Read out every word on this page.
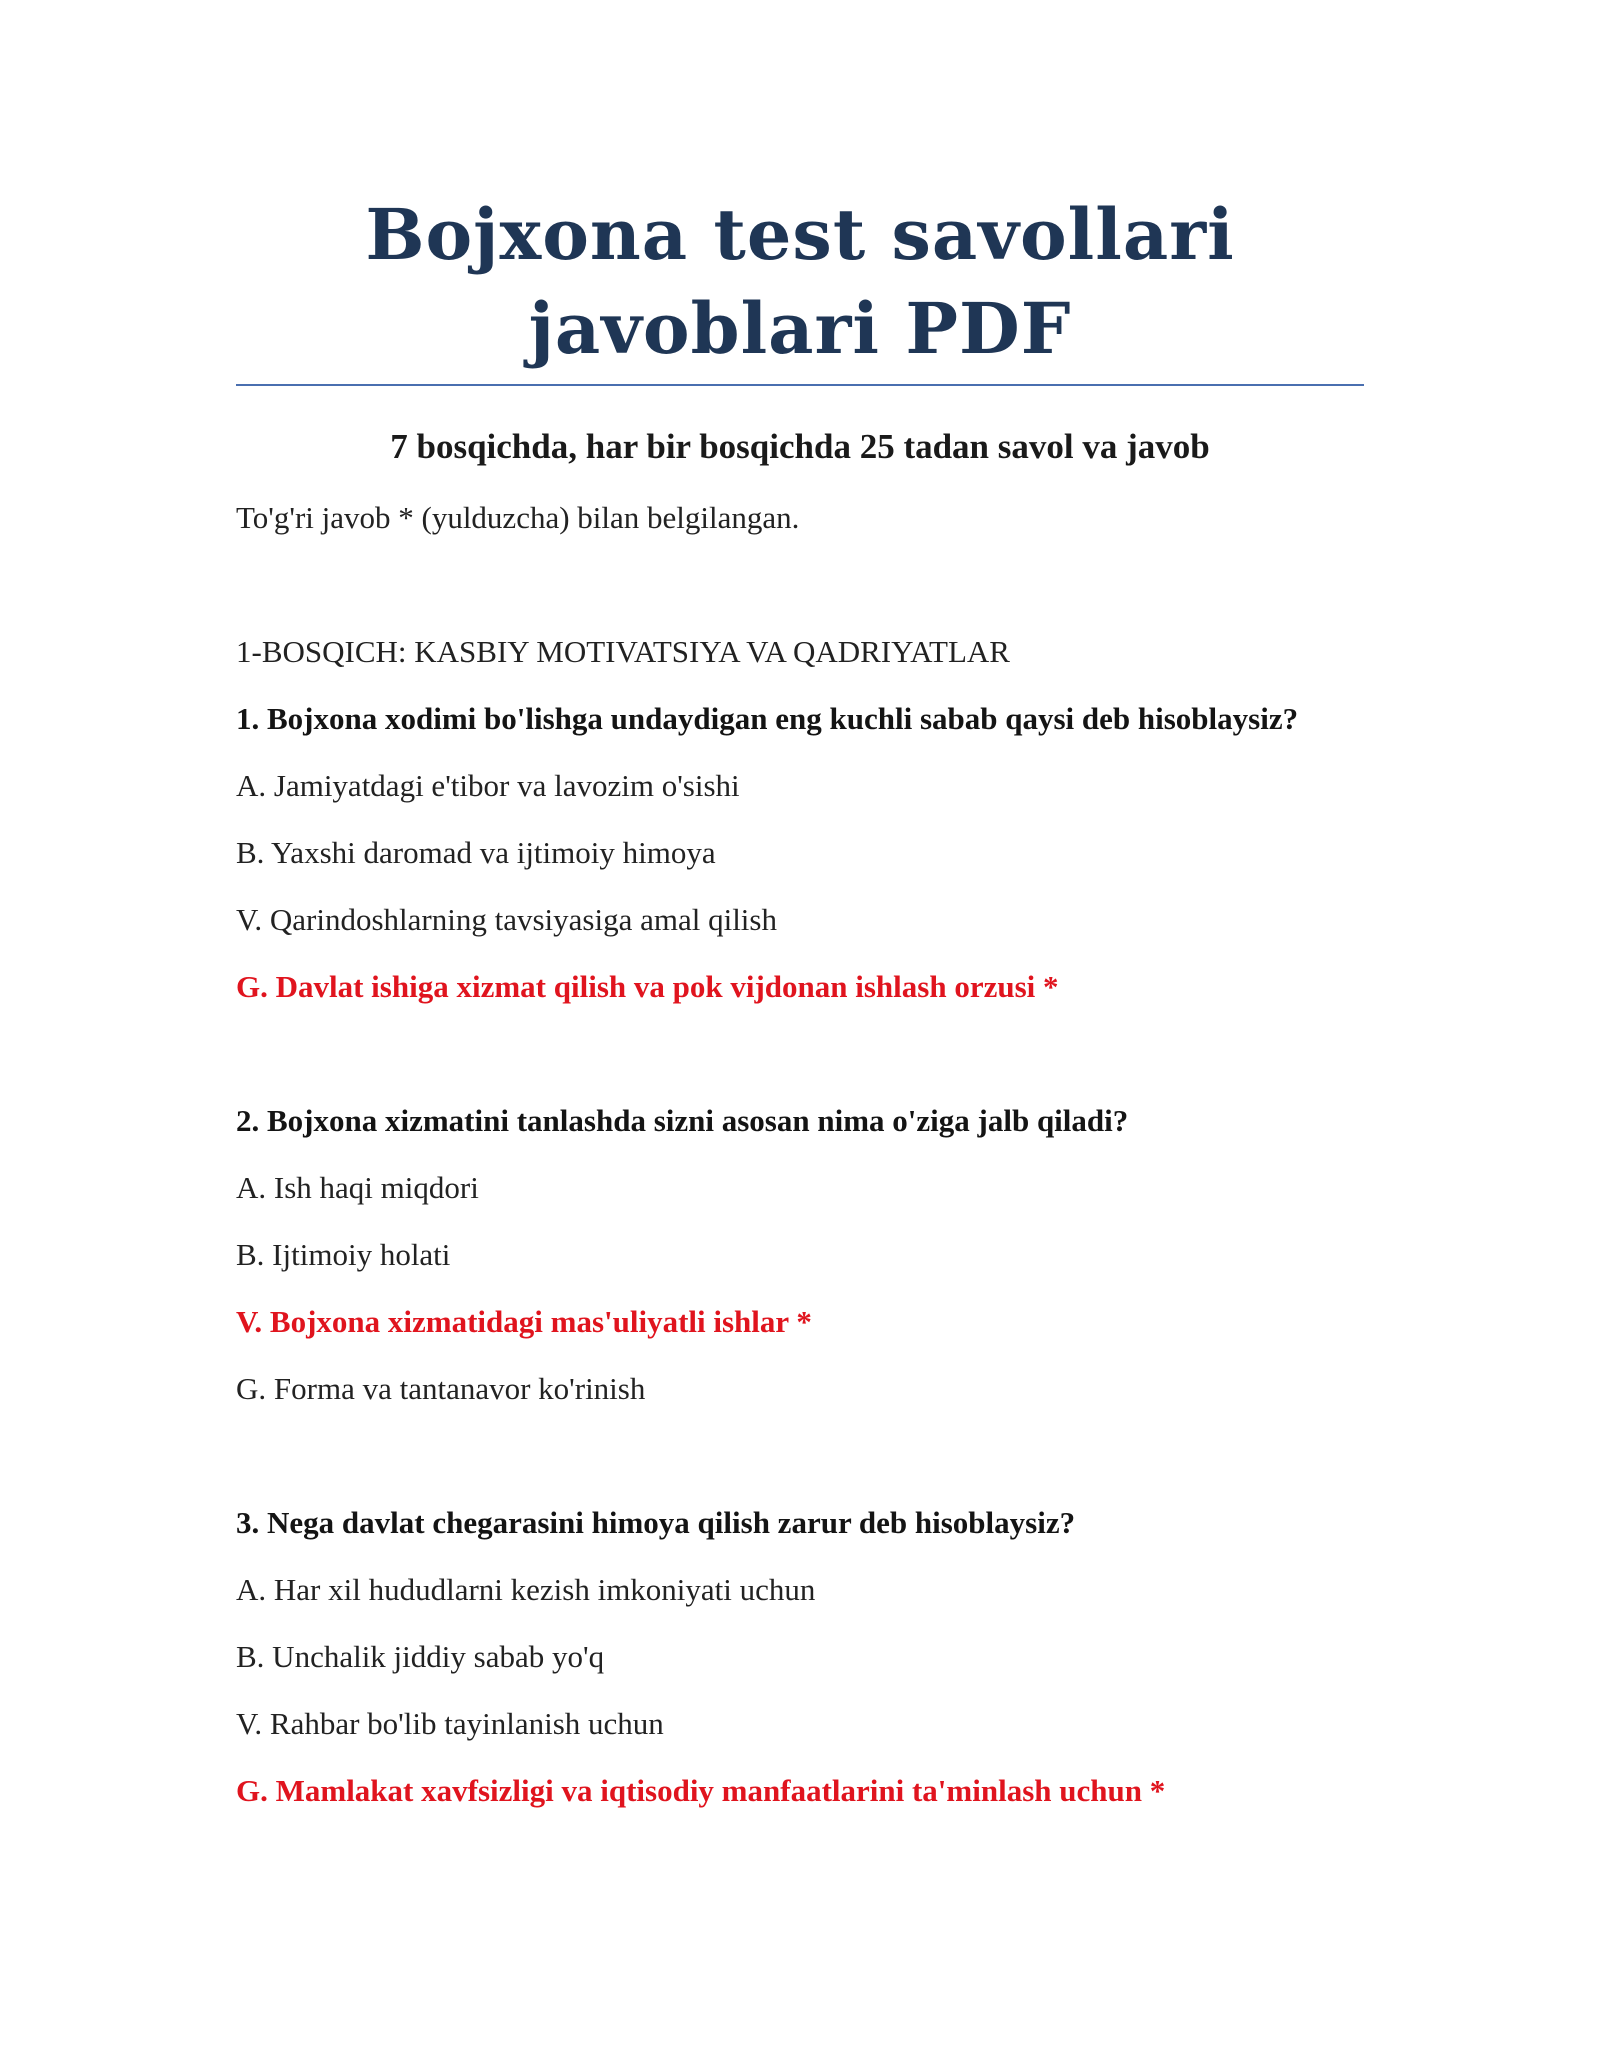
Bojxona test savollari javoblari PDF
7 bosqichda, har bir bosqichda 25 tadan savol va javob

To'g'ri javob * (yulduzcha) bilan belgilangan.

1-BOSQICH: KASBIY MOTIVATSIYA VA QADRIYATLAR

1. Bojxona xodimi bo'lishga undaydigan eng kuchli sabab qaysi deb hisoblaysiz?

A. Jamiyatdagi e'tibor va lavozim o'sishi

B. Yaxshi daromad va ijtimoiy himoya

V. Qarindoshlarning tavsiyasiga amal qilish

G. Davlat ishiga xizmat qilish va pok vijdonan ishlash orzusi *

2. Bojxona xizmatini tanlashda sizni asosan nima o'ziga jalb qiladi?

A. Ish haqi miqdori

B. Ijtimoiy holati

V. Bojxona xizmatidagi mas'uliyatli ishlar *

G. Forma va tantanavor ko'rinish

3. Nega davlat chegarasini himoya qilish zarur deb hisoblaysiz?

A. Har xil hududlarni kezish imkoniyati uchun

B. Unchalik jiddiy sabab yo'q

V. Rahbar bo'lib tayinlanish uchun

G. Mamlakat xavfsizligi va iqtisodiy manfaatlarini ta'minlash uchun *
